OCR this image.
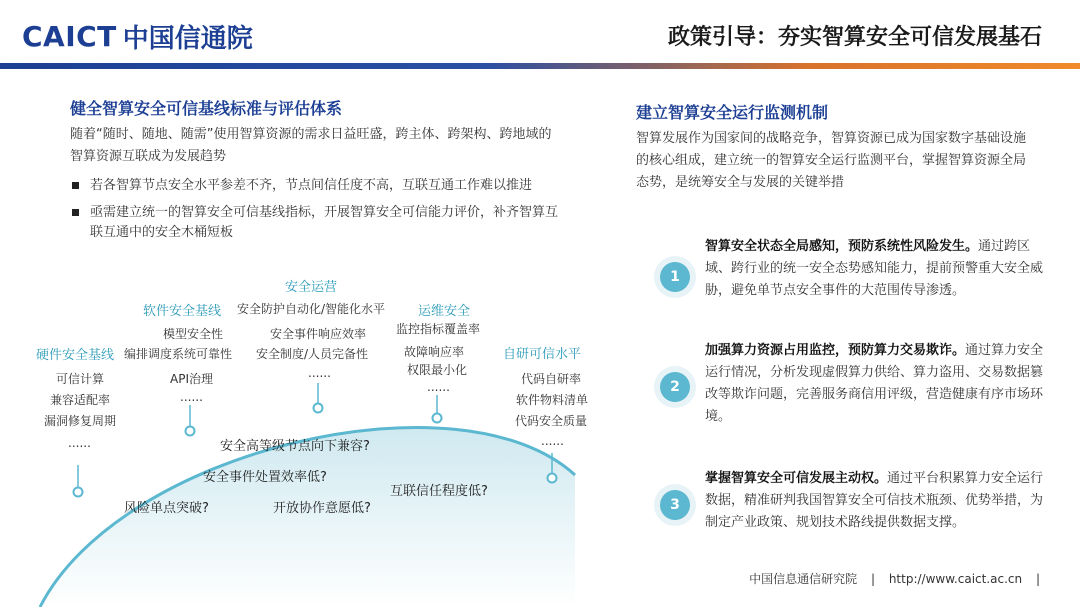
CAICT 中国信通院	政策引导：夯实智算安全可信发展基石
健全智算安全可信基线标准与评估体系
随着“随时、随地、随需”使用智算资源的需求日益旺盛，跨主体、跨架构、跨地域的智算资源互联成为发展趋势
若各智算节点安全水平参差不齐，节点间信任度不高，互联互通工作难以推进
亟需建立统一的智算安全可信基线指标，开展智算安全可信能力评价，补齐智算互联互通中的安全木桶短板
硬件安全基线
可信计算
兼容适配率
漏洞修复周期
......
软件安全基线
模型安全性
编排调度系统可靠性
API治理
......
安全运营
安全防护自动化/智能化水平
安全事件响应效率
安全制度/人员完备性
......
运维安全
监控指标覆盖率
故障响应率
权限最小化
......
自研可信水平
代码自研率
软件物料清单
代码安全质量
......
安全高等级节点向下兼容?
安全事件处置效率低?
互联信任程度低?
风险单点突破?	开放协作意愿低?
建立智算安全运行监测机制
智算发展作为国家间的战略竞争，智算资源已成为国家数字基础设施的核心组成，建立统一的智算安全运行监测平台，掌握智算资源全局态势，是统筹安全与发展的关键举措
1
智算安全状态全局感知，预防系统性风险发生。通过跨区域、跨行业的统一安全态势感知能力，提前预警重大安全威胁，避免单节点安全事件的大范围传导渗透。
2
加强算力资源占用监控，预防算力交易欺诈。通过算力安全运行情况，分析发现虚假算力供给、算力盗用、交易数据篡改等欺诈问题，完善服务商信用评级，营造健康有序市场环境。
3
掌握智算安全可信发展主动权。通过平台积累算力安全运行数据，精准研判我国智算安全可信技术瓶颈、优势举措，为制定产业政策、规划技术路线提供数据支撑。
中国信息通信研究院 | http://www.caict.ac.cn |
